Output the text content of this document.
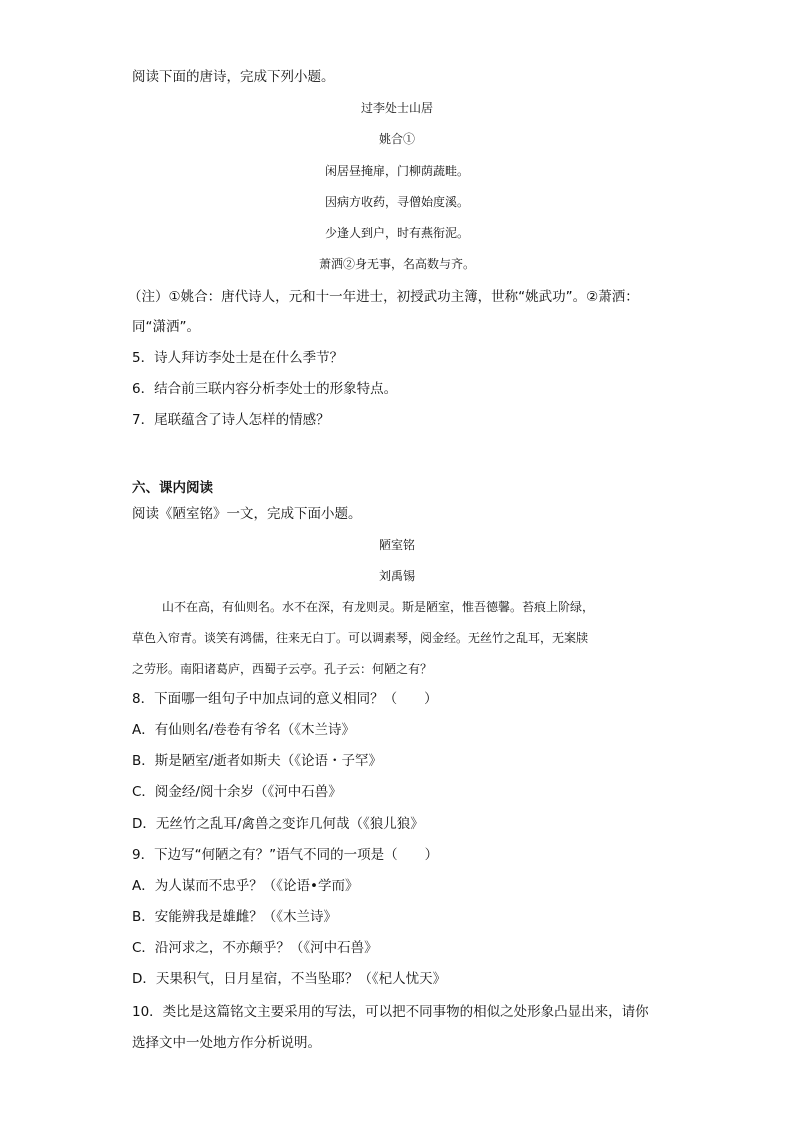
阅读下面的唐诗，完成下列小题。
过李处士山居
姚合①
闲居昼掩扉，门柳荫蔬畦。
因病方收药，寻僧始度溪。
少逢人到户，时有燕衔泥。
萧洒②身无事，名高数与齐。
（注）①姚合：唐代诗人，元和十一年进士，初授武功主簿，世称“姚武功”。②萧洒：
同“潇洒”。
5．诗人拜访李处士是在什么季节？
6．结合前三联内容分析李处士的形象特点。
7．尾联蕴含了诗人怎样的情感？
六、课内阅读
阅读《陋室铭》一文，完成下面小题。
陋室铭
刘禹锡
山不在高，有仙则名。水不在深，有龙则灵。斯是陋室，惟吾德馨。苔痕上阶绿，
草色入帘青。谈笑有鸿儒，往来无白丁。可以调素琴，阅金经。无丝竹之乱耳，无案牍
之劳形。南阳诸葛庐，西蜀子云亭。孔子云：何陋之有？
8．下面哪一组句子中加点词的意义相同？（　　）
A．有仙则名/卷卷有爷名（《木兰诗》
B．斯是陋室/逝者如斯夫（《论语・子罕》
C．阅金经/阅十余岁（《河中石兽》
D．无丝竹之乱耳/禽兽之变诈几何哉（《狼儿狼》
9．下边写“何陋之有？”语气不同的一项是（　　）
A．为人谋而不忠乎？（《论语•学而》
B．安能辨我是雄雌？（《木兰诗》
C．沿河求之，不亦颠乎？（《河中石兽》
D．天果积气，日月星宿，不当坠耶？（《杞人忧天》
10．类比是这篇铭文主要采用的写法，可以把不同事物的相似之处形象凸显出来，请你
选择文中一处地方作分析说明。
